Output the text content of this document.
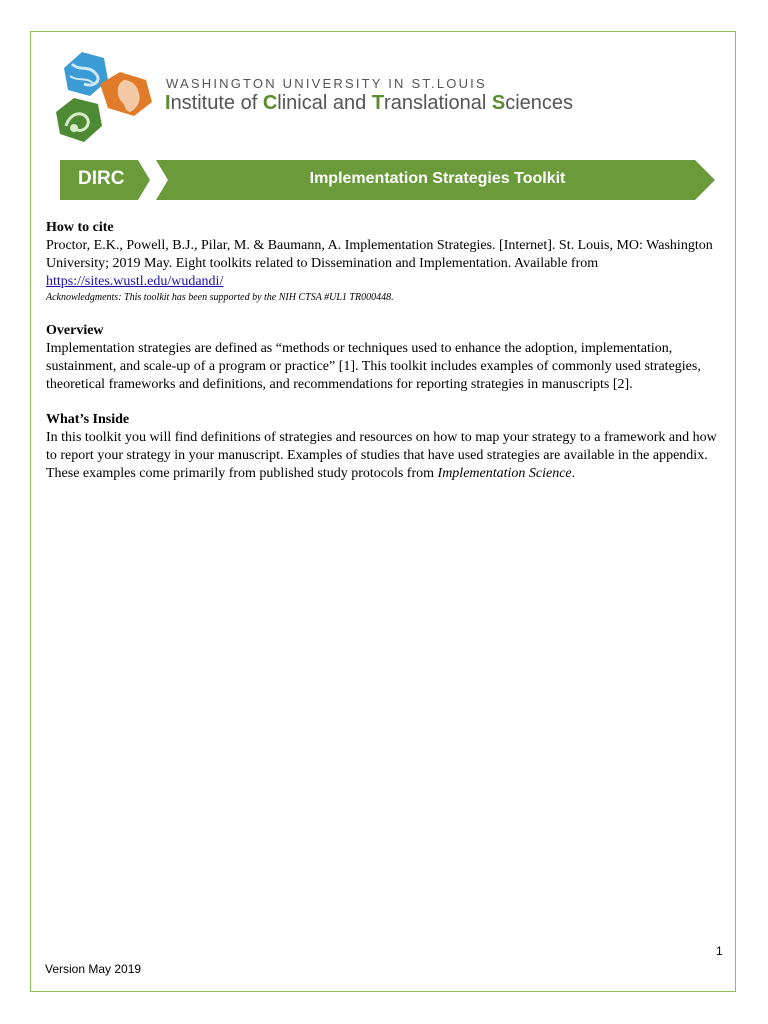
WASHINGTON UNIVERSITY IN ST.LOUIS
Institute of Clinical and Translational Sciences
DIRC	Implementation Strategies Toolkit

How to cite

Proctor, E.K., Powell, B.J., Pilar, M. & Baumann, A. Implementation Strategies. [Internet]. St. Louis, MO: Washington University; 2019 May. Eight toolkits related to Dissemination and Implementation. Available from https://sites.wustl.edu/wudandi/

Acknowledgments: This toolkit has been supported by the NIH CTSA #UL1 TR000448.

Overview

Implementation strategies are defined as “methods or techniques used to enhance the adoption, implementation, sustainment, and scale-up of a program or practice” [1]. This toolkit includes examples of commonly used strategies, theoretical frameworks and definitions, and recommendations for reporting strategies in manuscripts [2].

What’s Inside

In this toolkit you will find definitions of strategies and resources on how to map your strategy to a framework and how to report your strategy in your manuscript. Examples of studies that have used strategies are available in the appendix. These examples come primarily from published study protocols from Implementation Science.

1
Version May 2019
